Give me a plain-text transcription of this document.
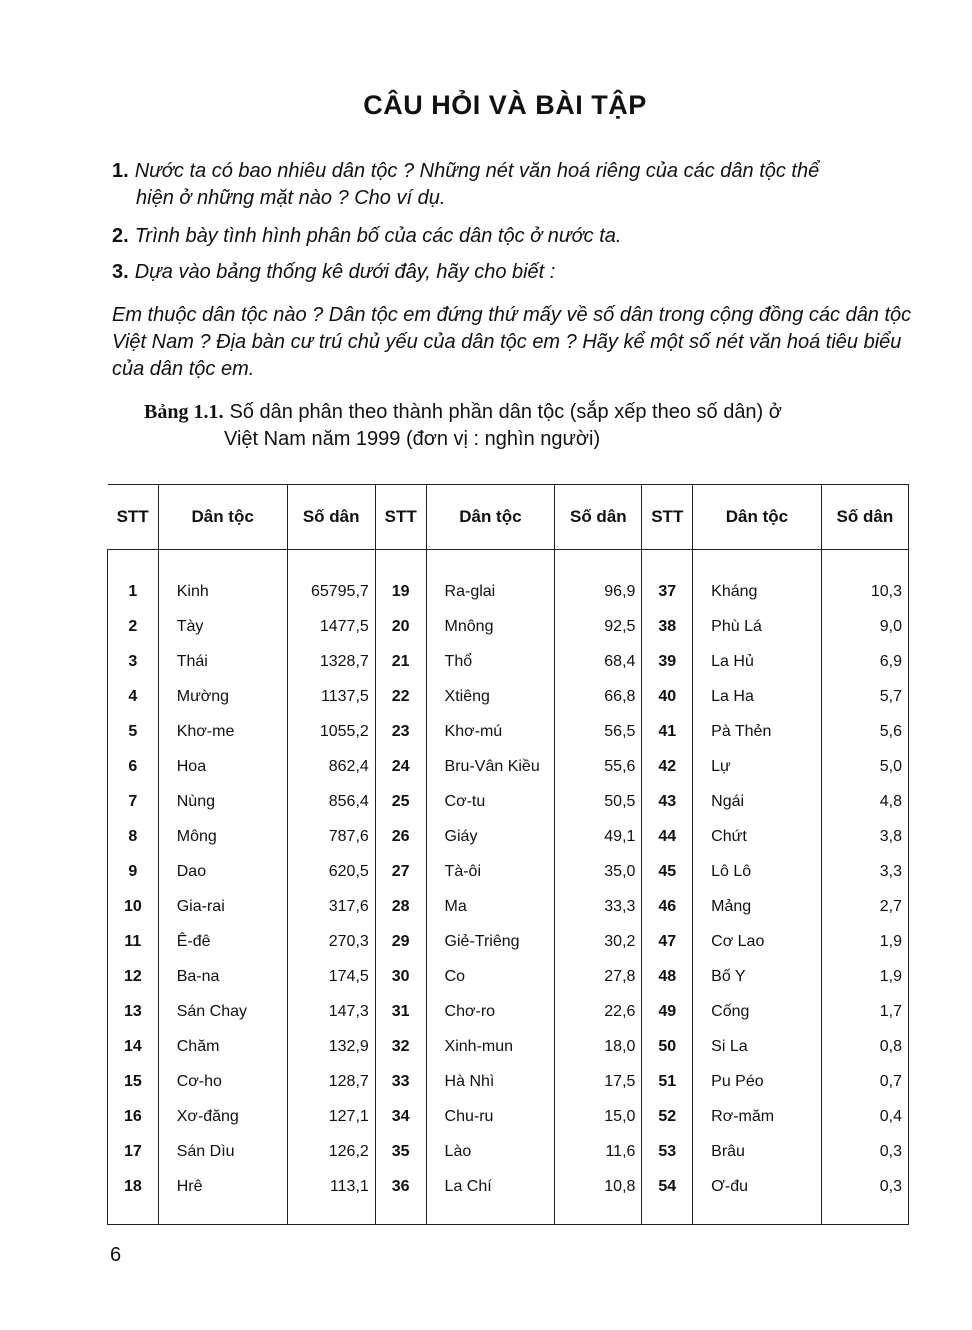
CÂU HỎI VÀ BÀI TẬP
1. Nước ta có bao nhiêu dân tộc ? Những nét văn hoá riêng của các dân tộc thể
hiện ở những mặt nào ? Cho ví dụ.
2. Trình bày tình hình phân bố của các dân tộc ở nước ta.
3. Dựa vào bảng thống kê dưới đây, hãy cho biết :
Em thuộc dân tộc nào ? Dân tộc em đứng thứ mấy về số dân trong cộng đồng các dân tộc Việt Nam ? Địa bàn cư trú chủ yếu của dân tộc em ? Hãy kể một số nét văn hoá tiêu biểu của dân tộc em.
Bảng 1.1. Số dân phân theo thành phần dân tộc (sắp xếp theo số dân) ở
Việt Nam năm 1999 (đơn vị : nghìn người)
STT	Dân tộc	Số dân	STT	Dân tộc	Số dân	STT	Dân tộc	Số dân

1	Kinh	65795,7	19	Ra-glai	96,9	37	Kháng	10,3
2	Tày	1477,5	20	Mnông	92,5	38	Phù Lá	9,0
3	Thái	1328,7	21	Thổ	68,4	39	La Hủ	6,9
4	Mường	1137,5	22	Xtiêng	66,8	40	La Ha	5,7
5	Khơ-me	1055,2	23	Khơ-mú	56,5	41	Pà Thẻn	5,6
6	Hoa	862,4	24	Bru-Vân Kiều	55,6	42	Lự	5,0
7	Nùng	856,4	25	Cơ-tu	50,5	43	Ngái	4,8
8	Mông	787,6	26	Giáy	49,1	44	Chứt	3,8
9	Dao	620,5	27	Tà-ôi	35,0	45	Lô Lô	3,3
10	Gia-rai	317,6	28	Ma	33,3	46	Mảng	2,7
11	Ê-đê	270,3	29	Giẻ-Triêng	30,2	47	Cơ Lao	1,9
12	Ba-na	174,5	30	Co	27,8	48	Bố Y	1,9
13	Sán Chay	147,3	31	Chơ-ro	22,6	49	Cống	1,7
14	Chăm	132,9	32	Xinh-mun	18,0	50	Si La	0,8
15	Cơ-ho	128,7	33	Hà Nhì	17,5	51	Pu Péo	0,7
16	Xơ-đăng	127,1	34	Chu-ru	15,0	52	Rơ-măm	0,4
17	Sán Dìu	126,2	35	Lào	11,6	53	Brâu	0,3
18	Hrê	113,1	36	La Chí	10,8	54	Ơ-đu	0,3

6
